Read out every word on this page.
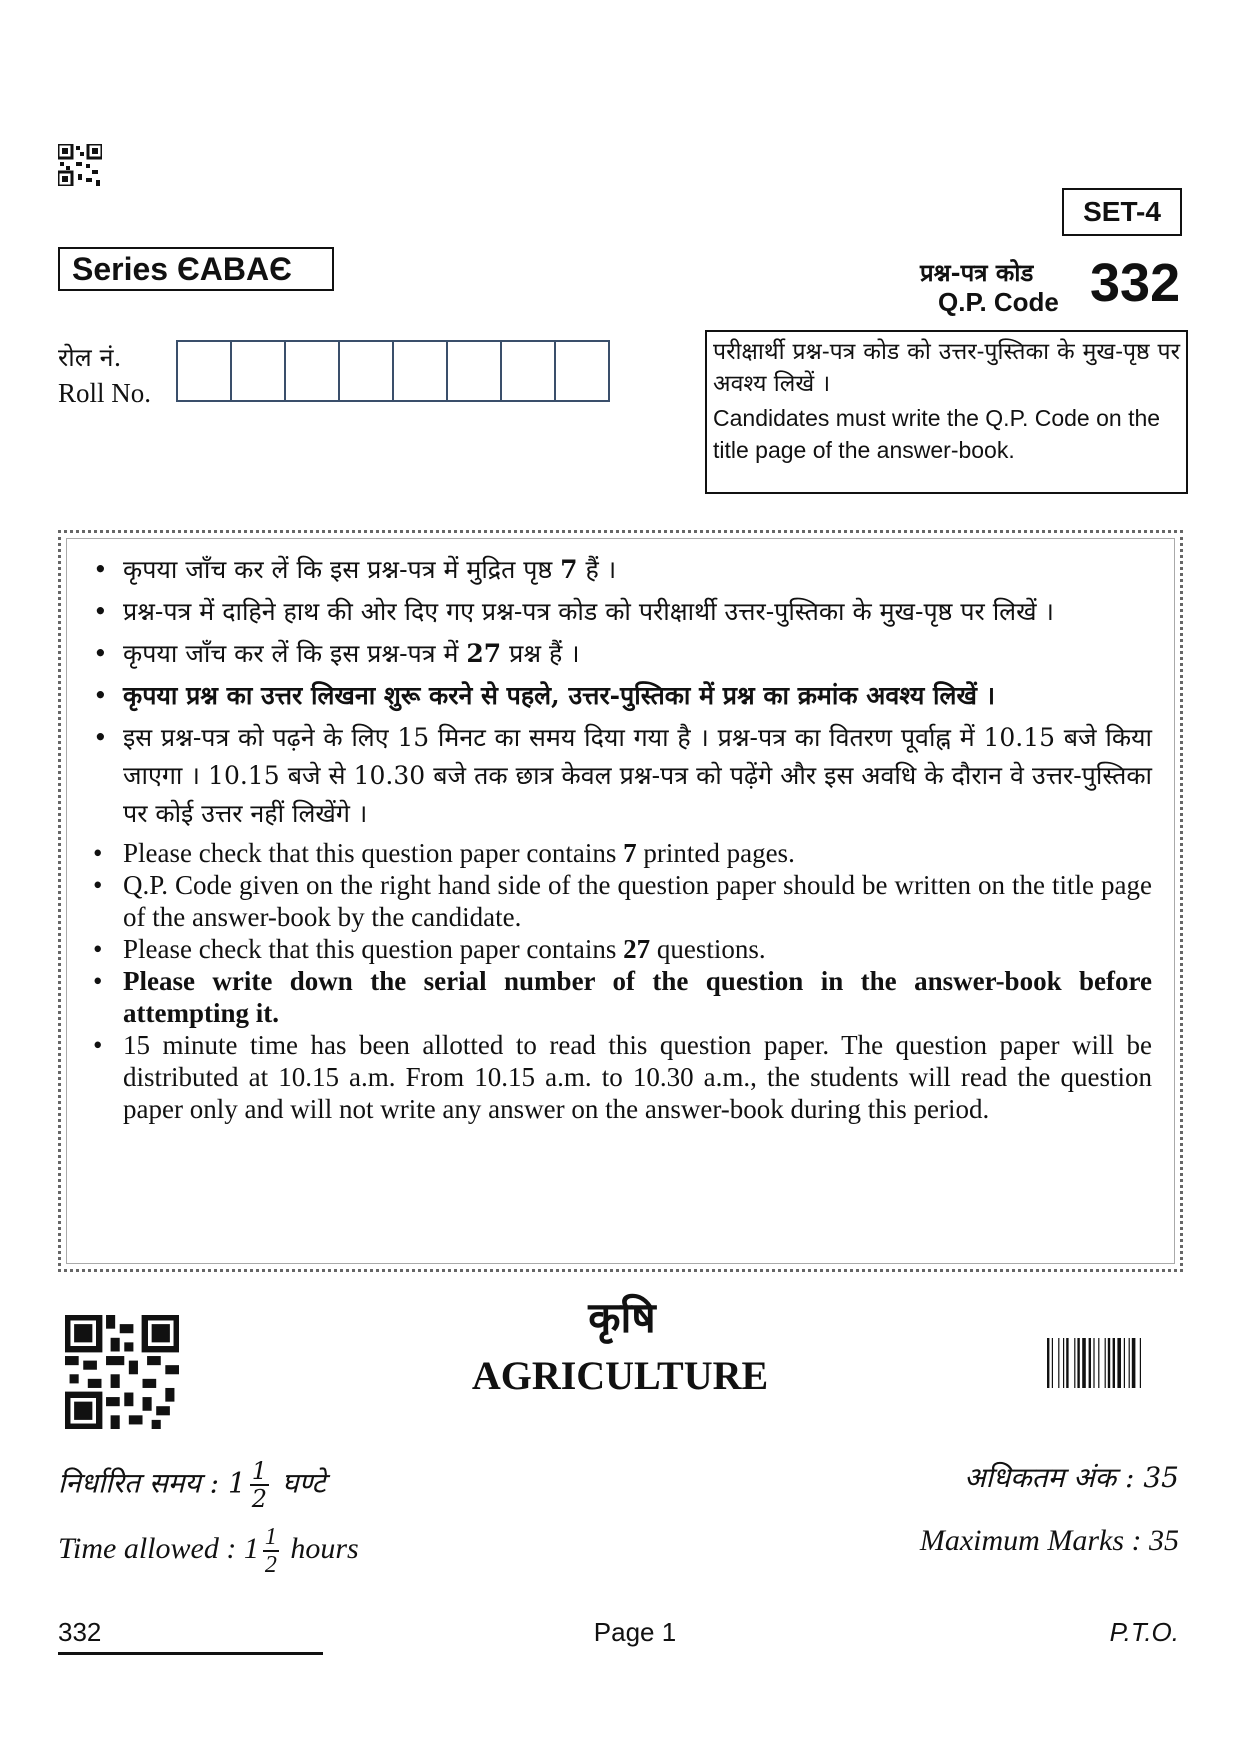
SET-4
Series ЄABAЄ	प्रश्न-पत्र कोड
Q.P. Code 332
रोल नं.
Roll No.
परीक्षार्थी प्रश्न-पत्र कोड को उत्तर-पुस्तिका के मुख-पृष्ठ पर अवश्य लिखें ।
Candidates must write the Q.P. Code on the title page of the answer-book.
• कृपया जाँच कर लें कि इस प्रश्न-पत्र में मुद्रित पृष्ठ 7 हैं ।
• प्रश्न-पत्र में दाहिने हाथ की ओर दिए गए प्रश्न-पत्र कोड को परीक्षार्थी उत्तर-पुस्तिका के मुख-पृष्ठ पर लिखें ।
• कृपया जाँच कर लें कि इस प्रश्न-पत्र में 27 प्रश्न हैं ।
• कृपया प्रश्न का उत्तर लिखना शुरू करने से पहले, उत्तर-पुस्तिका में प्रश्न का क्रमांक अवश्य लिखें ।
• इस प्रश्न-पत्र को पढ़ने के लिए 15 मिनट का समय दिया गया है । प्रश्न-पत्र का वितरण पूर्वाह्न में 10.15 बजे किया जाएगा । 10.15 बजे से 10.30 बजे तक छात्र केवल प्रश्न-पत्र को पढ़ेंगे और इस अवधि के दौरान वे उत्तर-पुस्तिका पर कोई उत्तर नहीं लिखेंगे ।
• Please check that this question paper contains 7 printed pages.
• Q.P. Code given on the right hand side of the question paper should be written on the title page of the answer-book by the candidate.
• Please check that this question paper contains 27 questions.
• Please write down the serial number of the question in the answer-book before attempting it.
• 15 minute time has been allotted to read this question paper. The question paper will be distributed at 10.15 a.m. From 10.15 a.m. to 10.30 a.m., the students will read the question paper only and will not write any answer on the answer-book during this period.
कृषि
AGRICULTURE
निर्धारित समय : $1 \frac{1}{2}$ घण्टे
Time allowed : $1 \frac{1}{2}$ hours
अधिकतम अंक : 35
Maximum Marks : 35
332	Page 1	P.T.O.
